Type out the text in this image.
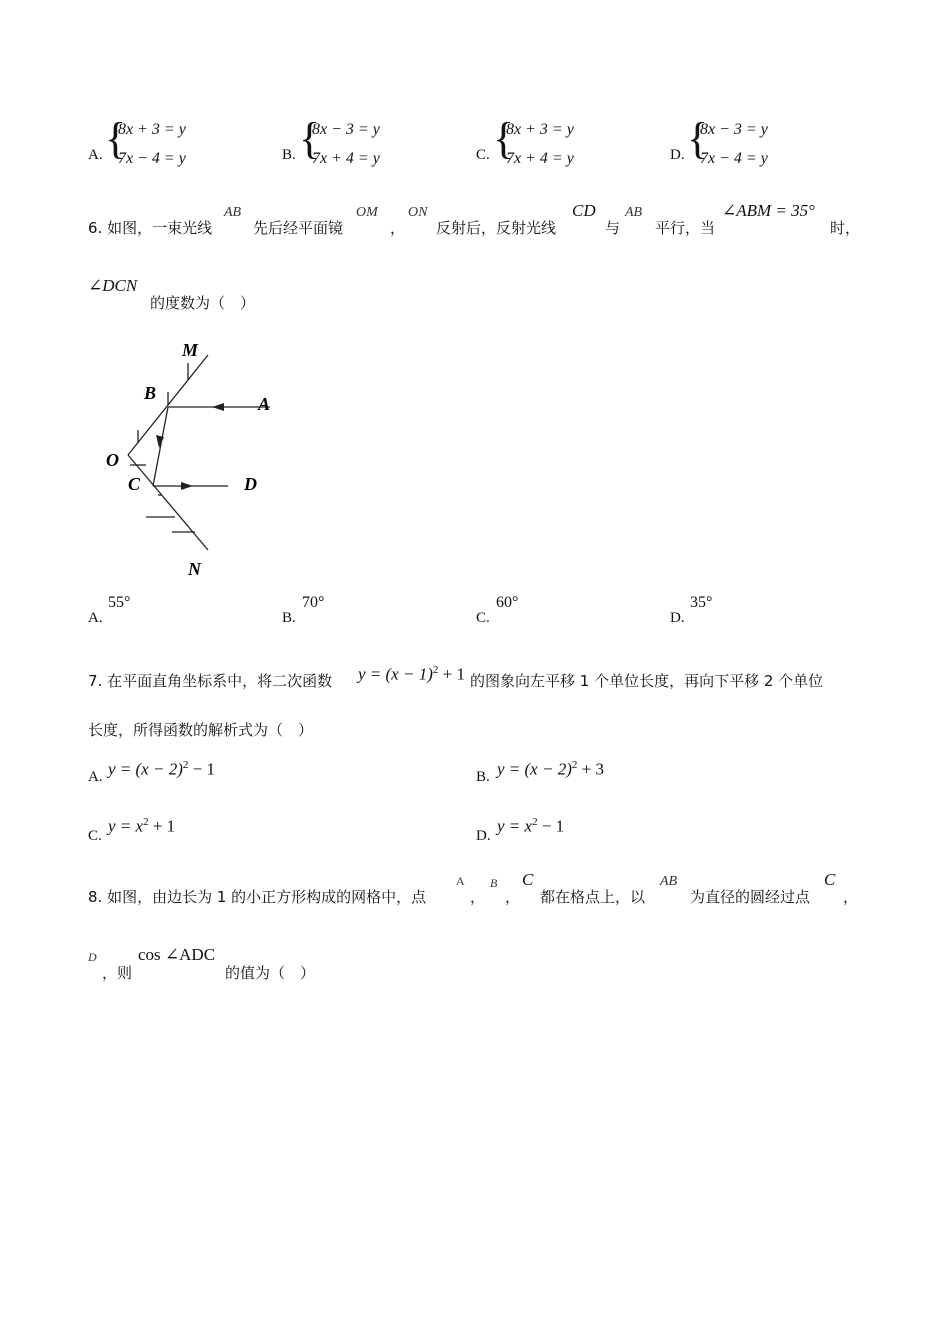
A. {
8x + 3 = y
7x − 4 = y	B. {
8x − 3 = y
7x + 4 = y	C. {
8x + 3 = y
7x + 4 = y	D. {
8x − 3 = y
7x − 4 = y
6. 如图，一束光线
AB
先后经平面镜
OM
，
ON
反射后，反射光线
CD
与
AB
平行，当
∠ABM = 35°
时，
∠DCN
的度数为（　）
M
B
A
O
C	D
N
A.
55°
B.
70°
C.
60°
D.
35°
7. 在平面直角坐标系中，将二次函数 $y = (x - 1)^2 + 1$ 的图象向左平移 1 个单位长度，再向下平移 2 个单位
长度，所得函数的解析式为（　）
A. $y = (x - 2)^2 - 1$	B. $y = (x - 2)^2 + 3$
C.
$y = x^2 + 1$
D.
$y = x^2 - 1$
8. 如图，由边长为 1 的小正方形构成的网格中，点
A
，
B
，
C
都在格点上，以
AB
为直径的圆经过点
C
，
D
，则
cos ∠ADC
的值为（　）
